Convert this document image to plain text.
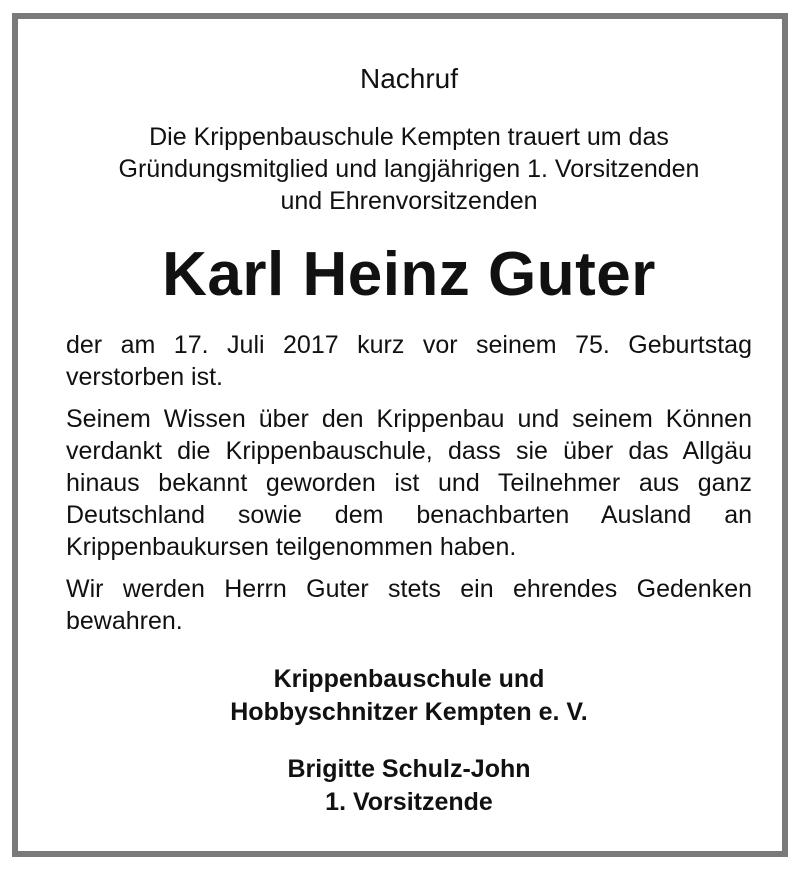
Nachruf

Die Krippenbauschule Kempten trauert um das
Gründungsmitglied und langjährigen 1. Vorsitzenden
und Ehrenvorsitzenden

Karl Heinz Guter

der am 17. Juli 2017 kurz vor seinem 75. Geburtstag verstorben ist.

Seinem Wissen über den Krippenbau und seinem Können verdankt die Krippenbauschule, dass sie über das Allgäu hinaus bekannt geworden ist und Teilnehmer aus ganz Deutschland sowie dem benachbarten Ausland an Krippenbaukursen teilgenommen haben.

Wir werden Herrn Guter stets ein ehrendes Gedenken bewahren.

Krippenbauschule und

Hobbyschnitzer Kempten e. V.

Brigitte Schulz-John

1. Vorsitzende
